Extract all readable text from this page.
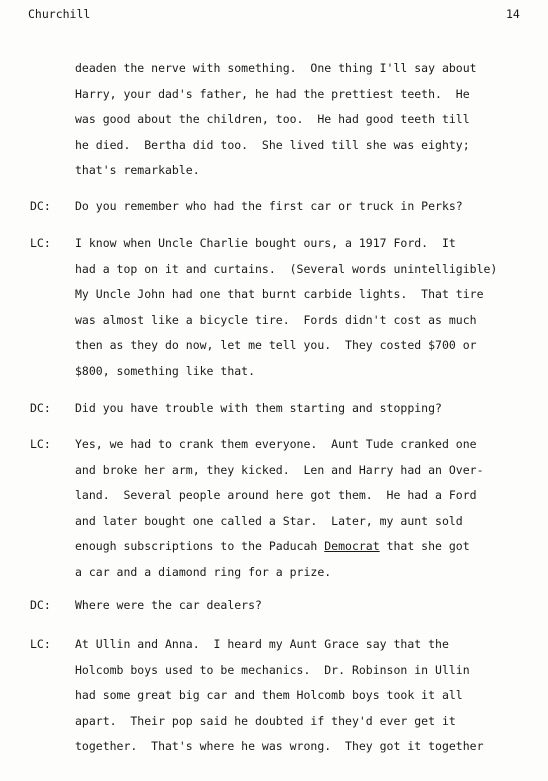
Churchill	14
deaden the nerve with something.  One thing I'll say about
Harry, your dad's father, he had the prettiest teeth.  He
was good about the children, too.  He had good teeth till
he died.  Bertha did too.  She lived till she was eighty;
that's remarkable.
DC: Do you remember who had the first car or truck in Perks?
LC: I know when Uncle Charlie bought ours, a 1917 Ford.  It
had a top on it and curtains.  (Several words unintelligible)
My Uncle John had one that burnt carbide lights.  That tire
was almost like a bicycle tire.  Fords didn't cost as much
then as they do now, let me tell you.  They costed $700 or
$800, something like that.
DC: Did you have trouble with them starting and stopping?
LC: Yes, we had to crank them everyone.  Aunt Tude cranked one
and broke her arm, they kicked.  Len and Harry had an Over-
land.  Several people around here got them.  He had a Ford
and later bought one called a Star.  Later, my aunt sold
enough subscriptions to the Paducah Democrat that she got
a car and a diamond ring for a prize.
DC: Where were the car dealers?
LC: At Ullin and Anna.  I heard my Aunt Grace say that the
Holcomb boys used to be mechanics.  Dr. Robinson in Ullin
had some great big car and them Holcomb boys took it all
apart.  Their pop said he doubted if they'd ever get it
together.  That's where he was wrong.  They got it together
